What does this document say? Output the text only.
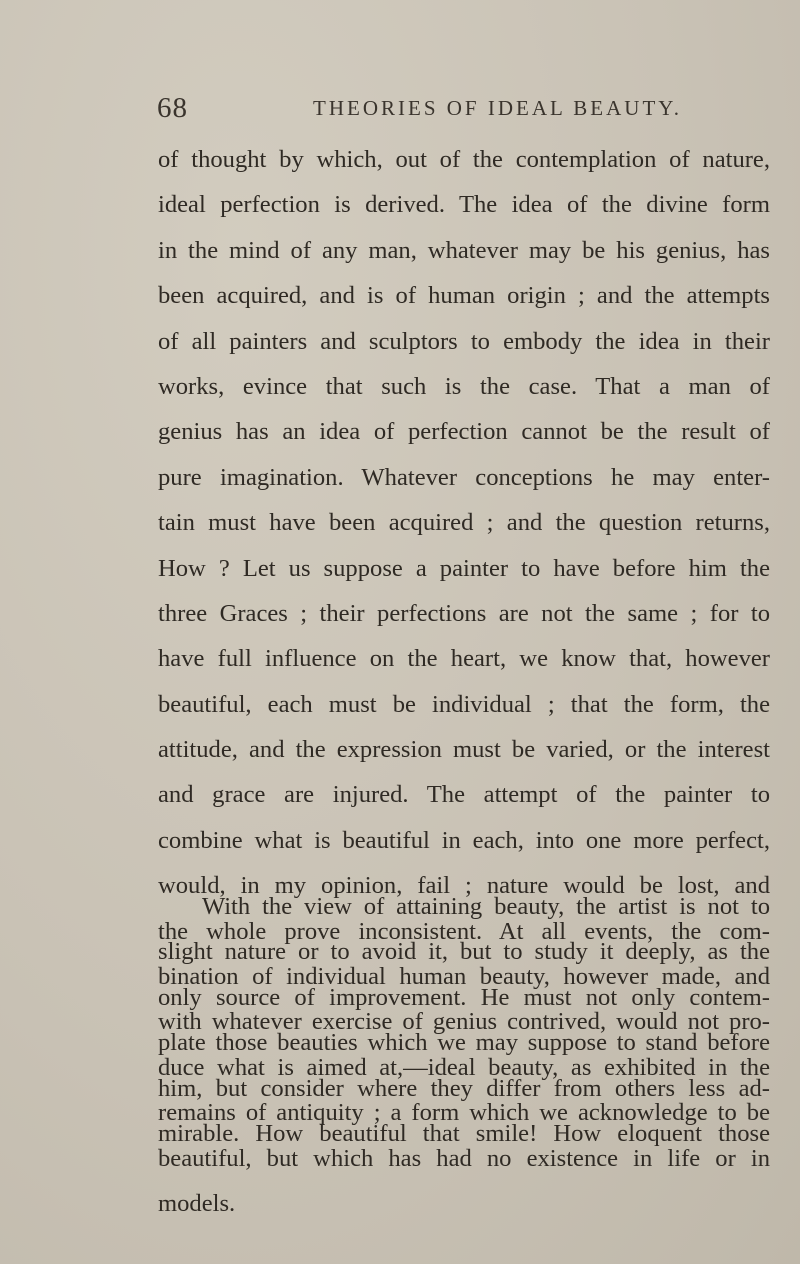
68	THEORIES OF IDEAL BEAUTY.
of thought by which, out of the contemplation of nature,
ideal perfection is derived. The idea of the divine form
in the mind of any man, whatever may be his genius, has
been acquired, and is of human origin ; and the attempts
of all painters and sculptors to embody the idea in their
works, evince that such is the case. That a man of
genius has an idea of perfection cannot be the result of
pure imagination. Whatever conceptions he may enter-
tain must have been acquired ; and the question returns,
How ? Let us suppose a painter to have before him the
three Graces ; their perfections are not the same ; for to
have full influence on the heart, we know that, however
beautiful, each must be individual ; that the form, the
attitude, and the expression must be varied, or the interest
and grace are injured. The attempt of the painter to
combine what is beautiful in each, into one more perfect,
would, in my opinion, fail ; nature would be lost, and
the whole prove inconsistent. At all events, the com-
bination of individual human beauty, however made, and
with whatever exercise of genius contrived, would not pro-
duce what is aimed at,—ideal beauty, as exhibited in the
remains of antiquity ; a form which we acknowledge to be
beautiful, but which has had no existence in life or in
models.
With the view of attaining beauty, the artist is not to
slight nature or to avoid it, but to study it deeply, as the
only source of improvement. He must not only contem-
plate those beauties which we may suppose to stand before
him, but consider where they differ from others less ad-
mirable. How beautiful that smile! How eloquent those
